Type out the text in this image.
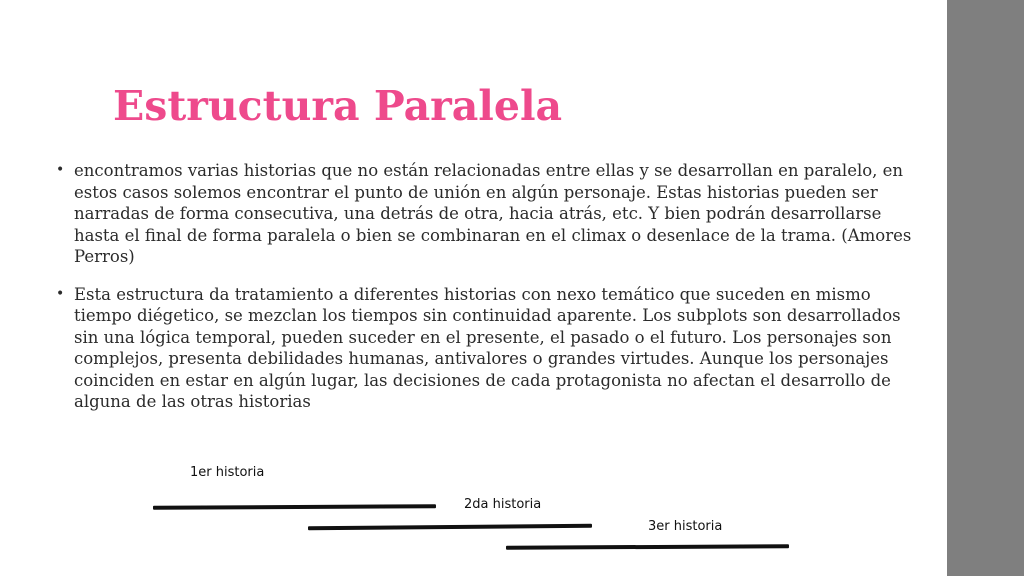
Estructura Paralela
• encontramos varias historias que no están relacionadas entre ellas y se desarrollan en paralelo, en estos casos solemos encontrar el punto de unión en algún personaje. Estas historias pueden ser narradas de forma consecutiva, una detrás de otra, hacia atrás, etc. Y bien podrán desarrollarse hasta el final de forma paralela o bien se combinaran en el climax o desenlace de la trama. (Amores Perros)
• Esta estructura da tratamiento a diferentes historias con nexo temático que suceden en mismo tiempo diégetico, se mezclan los tiempos sin continuidad aparente. Los subplots son desarrollados sin una lógica temporal, pueden suceder en el presente, el pasado o el futuro. Los personajes son complejos, presenta debilidades humanas, antivalores o grandes virtudes. Aunque los personajes coinciden en estar en algún lugar, las decisiones de cada protagonista no afectan el desarrollo de alguna de las otras historias
1er historia
2da historia
3er historia
